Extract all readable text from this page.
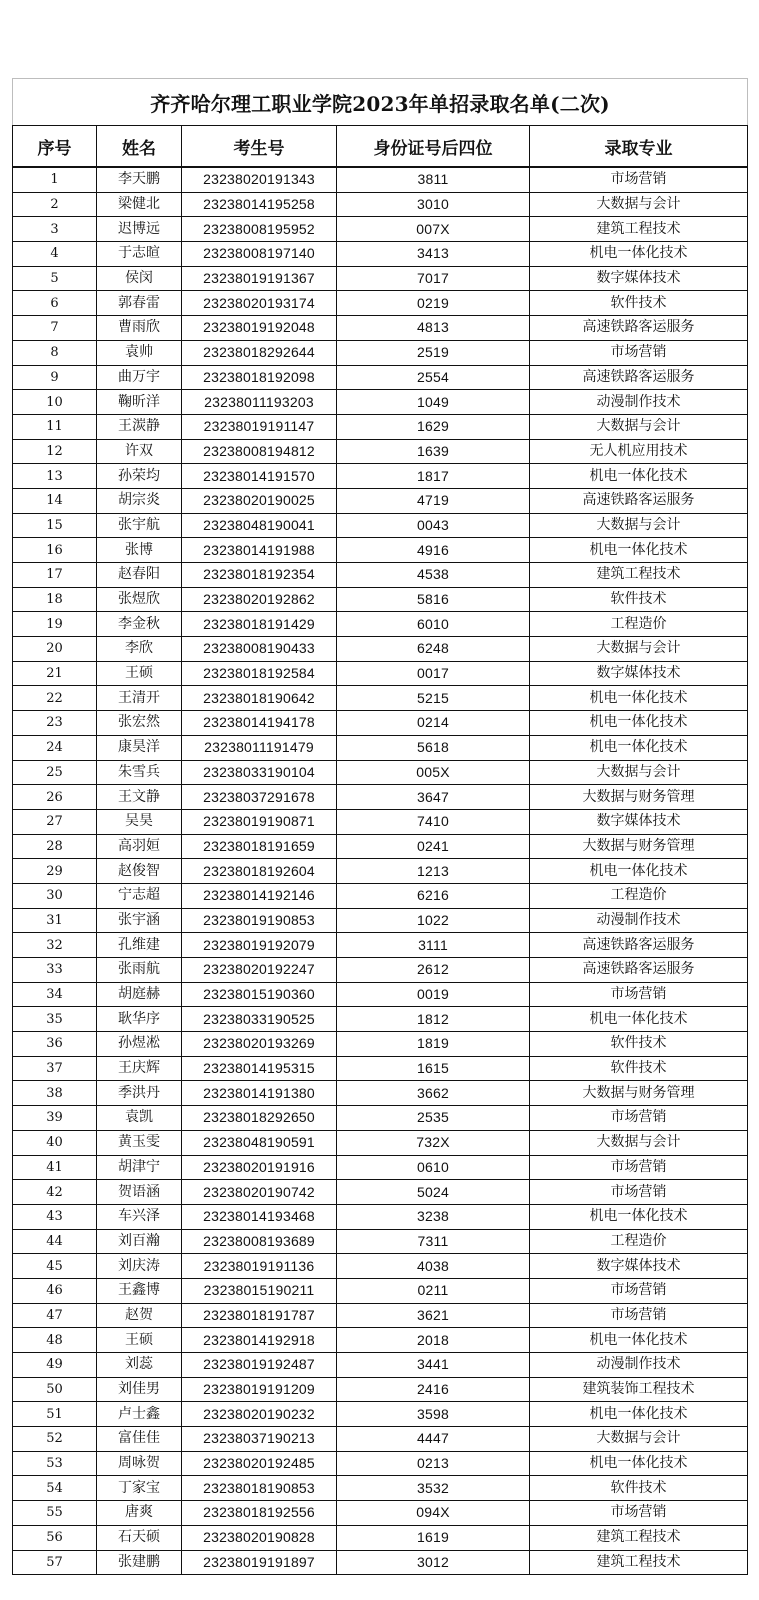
齐齐哈尔理工职业学院2023年单招录取名单(二次)				
序号	姓名	考生号	身份证号后四位	录取专业
1	李天鹏	23238020191343	3811	市场营销
2	梁健北	23238014195258	3010	大数据与会计
3	迟博远	23238008195952	007X	建筑工程技术
4	于志暄	23238008197140	3413	机电一体化技术
5	侯闵	23238019191367	7017	数字媒体技术
6	郭春雷	23238020193174	0219	软件技术
7	曹雨欣	23238019192048	4813	高速铁路客运服务
8	袁帅	23238018292644	2519	市场营销
9	曲万宇	23238018192098	2554	高速铁路客运服务
10	鞠昕洋	23238011193203	1049	动漫制作技术
11	王湠静	23238019191147	1629	大数据与会计
12	许双	23238008194812	1639	无人机应用技术
13	孙荣均	23238014191570	1817	机电一体化技术
14	胡宗炎	23238020190025	4719	高速铁路客运服务
15	张宇航	23238048190041	0043	大数据与会计
16	张博	23238014191988	4916	机电一体化技术
17	赵春阳	23238018192354	4538	建筑工程技术
18	张煜欣	23238020192862	5816	软件技术
19	李金秋	23238018191429	6010	工程造价
20	李欣	23238008190433	6248	大数据与会计
21	王硕	23238018192584	0017	数字媒体技术
22	王清开	23238018190642	5215	机电一体化技术
23	张宏然	23238014194178	0214	机电一体化技术
24	康昊洋	23238011191479	5618	机电一体化技术
25	朱雪兵	23238033190104	005X	大数据与会计
26	王文静	23238037291678	3647	大数据与财务管理
27	吴昊	23238019190871	7410	数字媒体技术
28	高羽姮	23238018191659	0241	大数据与财务管理
29	赵俊智	23238018192604	1213	机电一体化技术
30	宁志超	23238014192146	6216	工程造价
31	张宇涵	23238019190853	1022	动漫制作技术
32	孔维建	23238019192079	3111	高速铁路客运服务
33	张雨航	23238020192247	2612	高速铁路客运服务
34	胡庭赫	23238015190360	0019	市场营销
35	耿华序	23238033190525	1812	机电一体化技术
36	孙煜凇	23238020193269	1819	软件技术
37	王庆辉	23238014195315	1615	软件技术
38	季洪丹	23238014191380	3662	大数据与财务管理
39	袁凯	23238018292650	2535	市场营销
40	黄玉雯	23238048190591	732X	大数据与会计
41	胡津宁	23238020191916	0610	市场营销
42	贺语涵	23238020190742	5024	市场营销
43	车兴泽	23238014193468	3238	机电一体化技术
44	刘百瀚	23238008193689	7311	工程造价
45	刘庆涛	23238019191136	4038	数字媒体技术
46	王鑫博	23238015190211	0211	市场营销
47	赵贺	23238018191787	3621	市场营销
48	王硕	23238014192918	2018	机电一体化技术
49	刘蕊	23238019192487	3441	动漫制作技术
50	刘佳男	23238019191209	2416	建筑装饰工程技术
51	卢士鑫	23238020190232	3598	机电一体化技术
52	富佳佳	23238037190213	4447	大数据与会计
53	周咏贺	23238020192485	0213	机电一体化技术
54	丁家宝	23238018190853	3532	软件技术
55	唐爽	23238018192556	094X	市场营销
56	石天硕	23238020190828	1619	建筑工程技术
57	张建鹏	23238019191897	3012	建筑工程技术
